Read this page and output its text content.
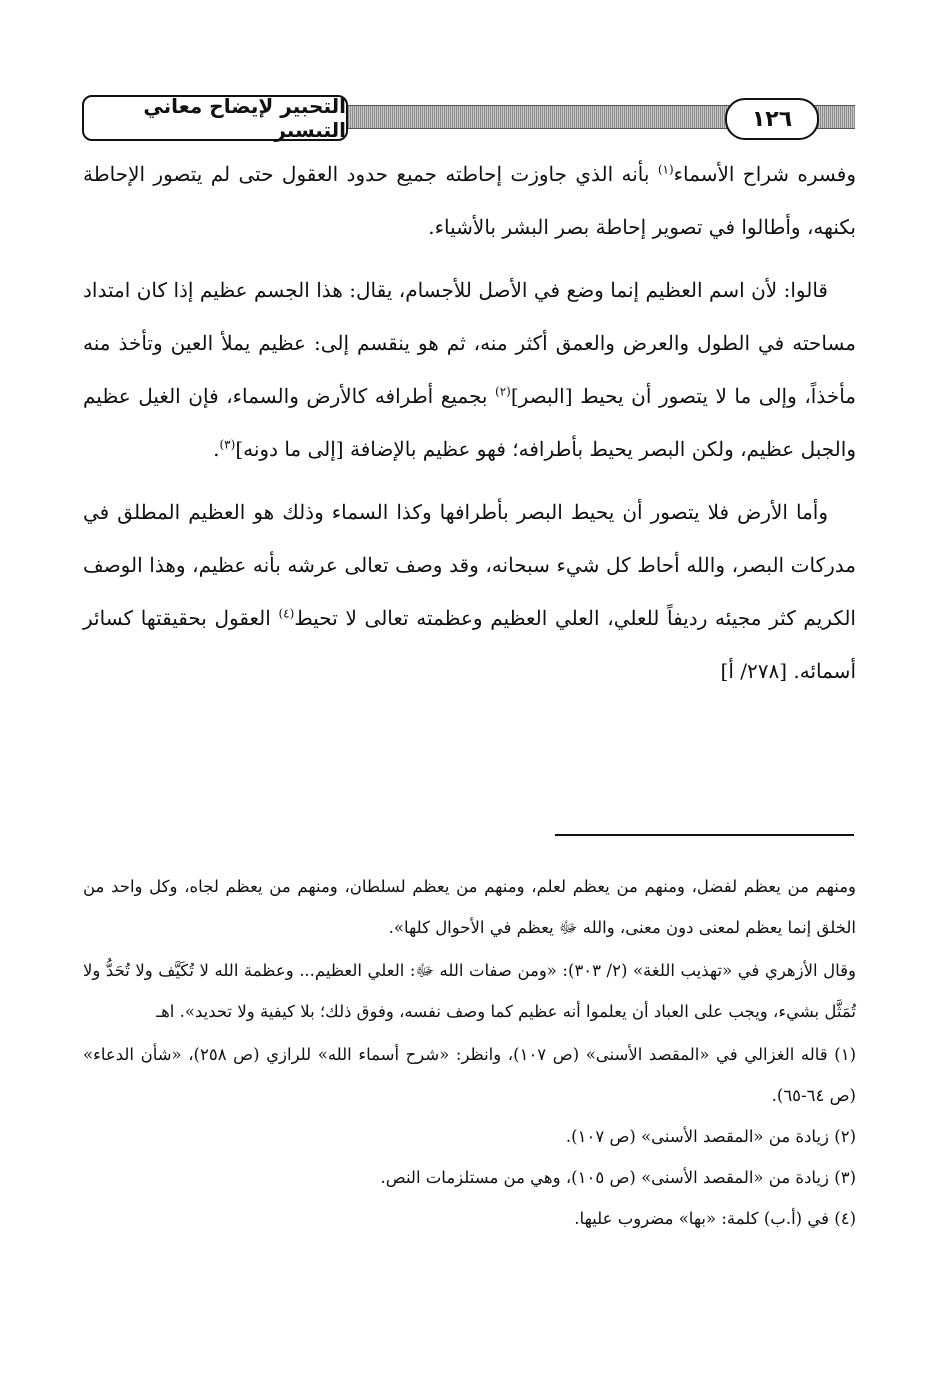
التحبير لإيضاح معاني التيسير	١٢٦

وفسره شراح الأسماء$^{(١)}$ بأنه الذي جاوزت إحاطته جميع حدود العقول حتى لم يتصور الإحاطة بكنهه، وأطالوا في تصوير إحاطة بصر البشر بالأشياء.

قالوا: لأن اسم العظيم إنما وضع في الأصل للأجسام، يقال: هذا الجسم عظيم إذا كان امتداد مساحته في الطول والعرض والعمق أكثر منه، ثم هو ينقسم إلى: عظيم يملأ العين وتأخذ منه مأخذاً، وإلى ما لا يتصور أن يحيط [البصر]$^{(٢)}$ بجميع أطرافه كالأرض والسماء، فإن الغيل عظيم والجبل عظيم، ولكن البصر يحيط بأطرافه؛ فهو عظيم بالإضافة [إلى ما دونه]$^{(٣)}$.

وأما الأرض فلا يتصور أن يحيط البصر بأطرافها وكذا السماء وذلك هو العظيم المطلق في مدركات البصر، والله أحاط كل شيء سبحانه، وقد وصف تعالى عرشه بأنه عظيم، وهذا الوصف الكريم كثر مجيئه رديفاً للعلي، العلي العظيم وعظمته تعالى لا تحيط$^{(٤)}$ العقول بحقيقتها كسائر أسمائه. [٢٧٨/ أ]

ومنهم من يعظم لفضل، ومنهم من يعظم لعلم، ومنهم من يعظم لسلطان، ومنهم من يعظم لجاه، وكل واحد من الخلق إنما يعظم لمعنى دون معنى، والله ﷻ يعظم في الأحوال كلها».

وقال الأزهري في «تهذيب اللغة» (٢/ ٣٠٣): «ومن صفات الله ﷻ: العلي العظيم... وعظمة الله لا تُكَيَّف ولا تُحَدُّ ولا تُمَثَّل بشيء، ويجب على العباد أن يعلموا أنه عظيم كما وصف نفسه، وفوق ذلك؛ بلا كيفية ولا تحديد». اهـ

(١) قاله الغزالي في «المقصد الأسنى» (ص ١٠٧)، وانظر: «شرح أسماء الله» للرازي (ص ٢٥٨)، «شأن الدعاء» (ص ٦٤-٦٥).

(٢) زيادة من «المقصد الأسنى» (ص ١٠٧).

(٣) زيادة من «المقصد الأسنى» (ص ١٠٥)، وهي من مستلزمات النص.

(٤) في (أ.ب) كلمة: «بها» مضروب عليها.
